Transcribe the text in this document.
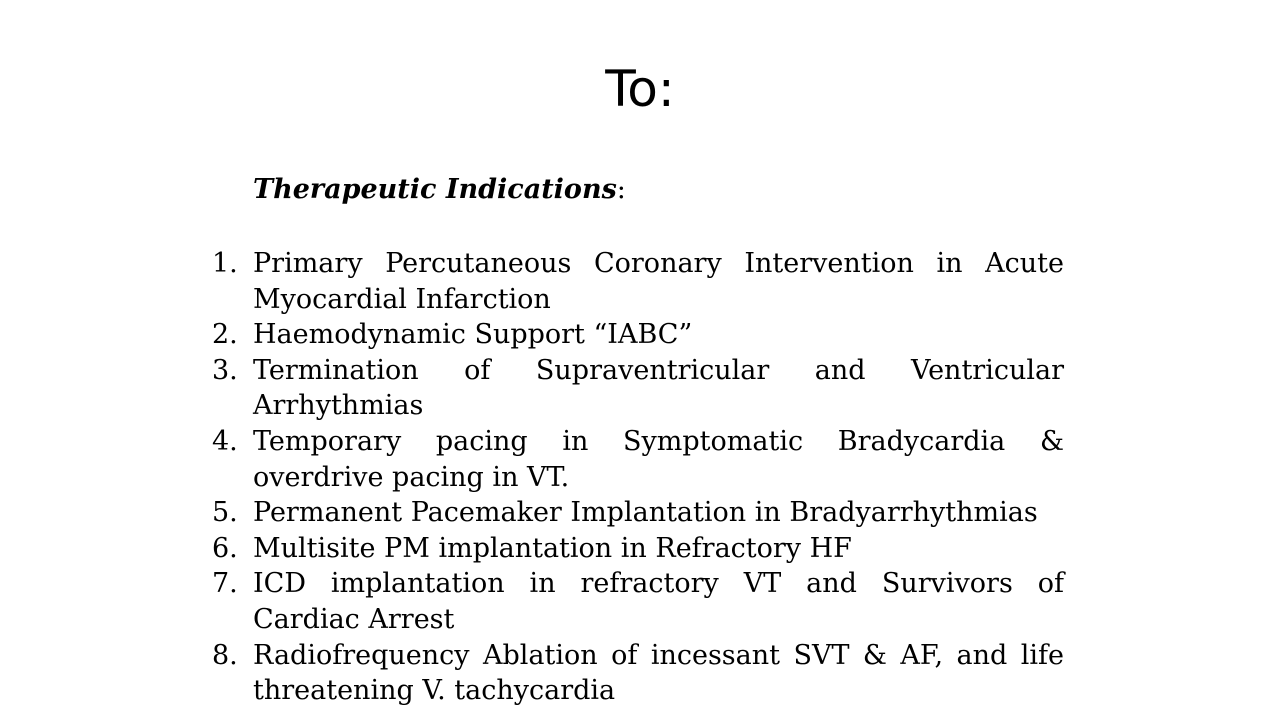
To:
Therapeutic Indications:
1. Primary Percutaneous Coronary Intervention in Acute Myocardial Infarction
2. Haemodynamic Support “IABC”
3. Termination of Supraventricular and Ventricular Arrhythmias
4. Temporary pacing in Symptomatic Bradycardia & overdrive pacing in VT.
5. Permanent Pacemaker Implantation in Bradyarrhythmias
6. Multisite PM implantation in Refractory HF
7. ICD implantation in refractory VT and Survivors of Cardiac Arrest
8. Radiofrequency Ablation of incessant SVT & AF, and life threatening V. tachycardia
